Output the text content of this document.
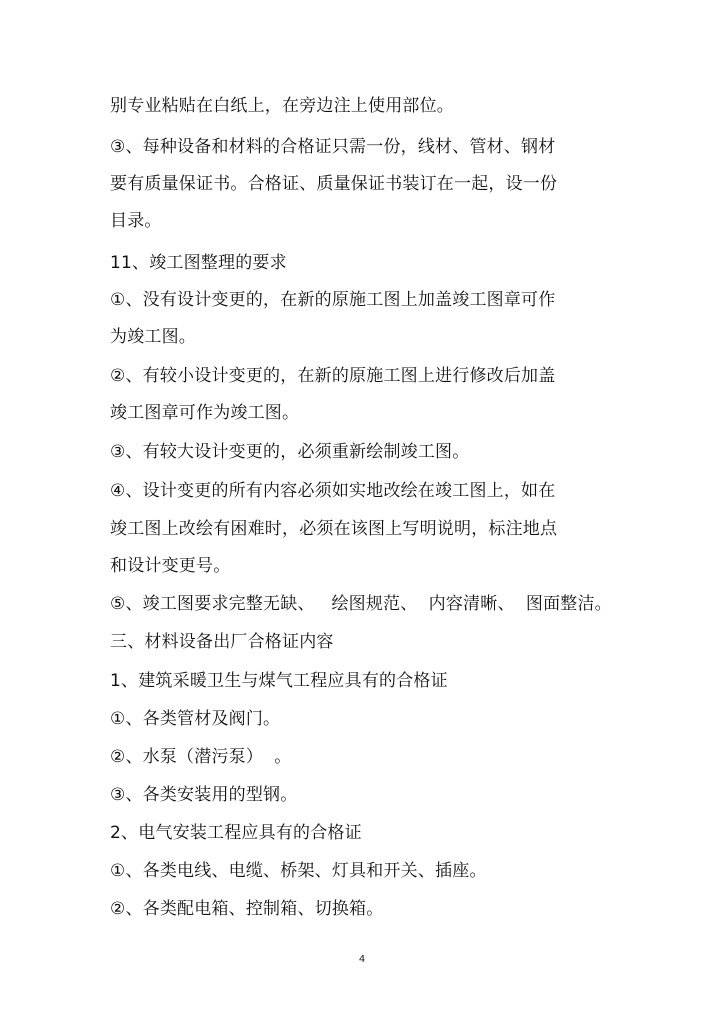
别专业粘贴在白纸上，在旁边注上使用部位。

③、每种设备和材料的合格证只需一份，线材、管材、钢材

要有质量保证书。合格证、质量保证书装订在一起，设一份

目录。

11、竣工图整理的要求

①、没有设计变更的，在新的原施工图上加盖竣工图章可作

为竣工图。

②、有较小设计变更的，在新的原施工图上进行修改后加盖

竣工图章可作为竣工图。

③、有较大设计变更的，必须重新绘制竣工图。

④、设计变更的所有内容必须如实地改绘在竣工图上，如在

竣工图上改绘有困难时，必须在该图上写明说明，标注地点

和设计变更号。

⑤、竣工图要求完整无缺、   绘图规范、  内容清晰、  图面整洁。

三、材料设备出厂合格证内容

1、建筑采暖卫生与煤气工程应具有的合格证

①、各类管材及阀门。

②、水泵（潜污泵）  。

③、各类安装用的型钢。

2、电气安装工程应具有的合格证

①、各类电线、电缆、桥架、灯具和开关、插座。

②、各类配电箱、控制箱、切换箱。

4
